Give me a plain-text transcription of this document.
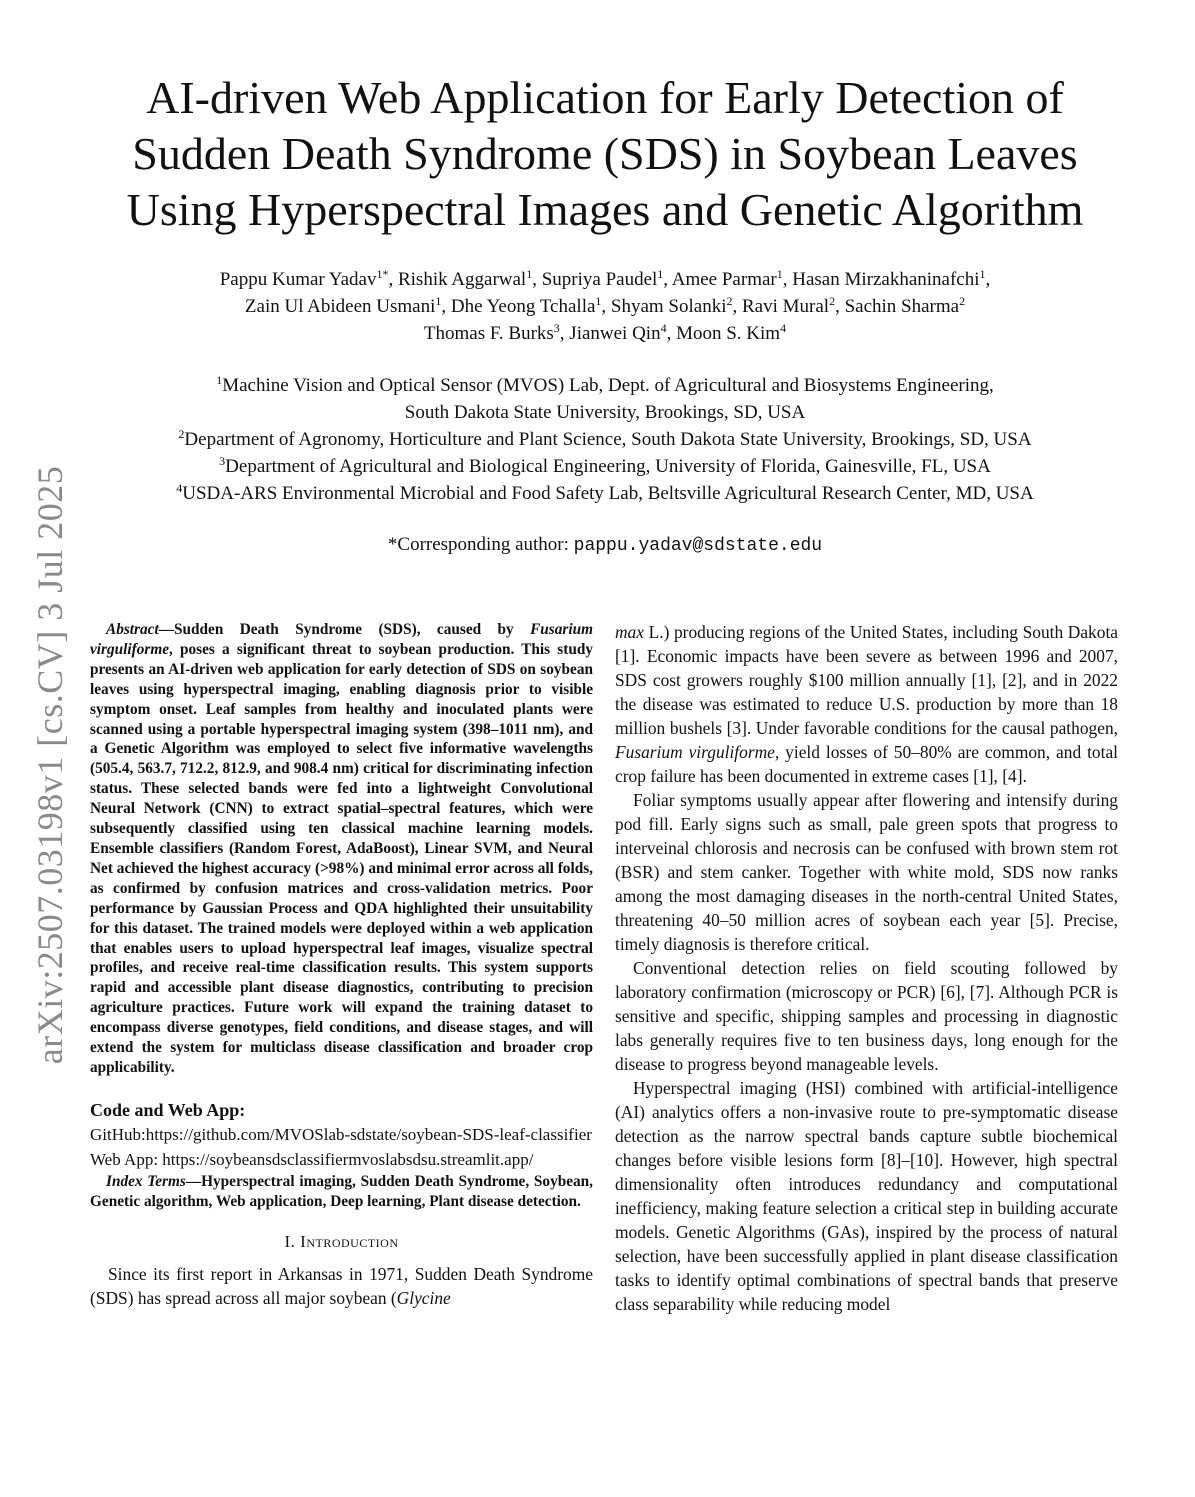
arXiv:2507.03198v1 [cs.CV] 3 Jul 2025
AI-driven Web Application for Early Detection of
Sudden Death Syndrome (SDS) in Soybean Leaves
Using Hyperspectral Images and Genetic Algorithm
Pappu Kumar Yadav$^{1*}$, Rishik Aggarwal$^1$, Supriya Paudel$^1$, Amee Parmar$^1$, Hasan Mirzakhaninafchi$^1$,
Zain Ul Abideen Usmani$^1$, Dhe Yeong Tchalla$^1$, Shyam Solanki$^2$, Ravi Mural$^2$, Sachin Sharma$^2$
Thomas F. Burks$^3$, Jianwei Qin$^4$, Moon S. Kim$^4$
$^1$Machine Vision and Optical Sensor (MVOS) Lab, Dept. of Agricultural and Biosystems Engineering,
South Dakota State University, Brookings, SD, USA
$^2$Department of Agronomy, Horticulture and Plant Science, South Dakota State University, Brookings, SD, USA
$^3$Department of Agricultural and Biological Engineering, University of Florida, Gainesville, FL, USA
$^4$USDA-ARS Environmental Microbial and Food Safety Lab, Beltsville Agricultural Research Center, MD, USA
*Corresponding author: pappu.yadav@sdstate.edu

Abstract—Sudden Death Syndrome (SDS), caused by Fusarium virguliforme, poses a significant threat to soybean production. This study presents an AI-driven web application for early detection of SDS on soybean leaves using hyperspectral imaging, enabling diagnosis prior to visible symptom onset. Leaf samples from healthy and inoculated plants were scanned using a portable hyperspectral imaging system (398–1011 nm), and a Genetic Algorithm was employed to select five informative wavelengths (505.4, 563.7, 712.2, 812.9, and 908.4 nm) critical for discriminating infection status. These selected bands were fed into a lightweight Convolutional Neural Network (CNN) to extract spatial–spectral features, which were subsequently classified using ten classical machine learning models. Ensemble classifiers (Random Forest, AdaBoost), Linear SVM, and Neural Net achieved the highest accuracy (>98%) and minimal error across all folds, as confirmed by confusion matrices and cross-validation metrics. Poor performance by Gaussian Process and QDA highlighted their unsuitability for this dataset. The trained models were deployed within a web application that enables users to upload hyperspectral leaf images, visualize spectral profiles, and receive real-time classification results. This system supports rapid and accessible plant disease diagnostics, contributing to precision agriculture practices. Future work will expand the training dataset to encompass diverse genotypes, field conditions, and disease stages, and will extend the system for multiclass disease classification and broader crop applicability.

Code and Web App:
GitHub:https://github.com/MVOSlab-sdstate/soybean-SDS-leaf-classifier
Web App: https://soybeansdsclassifiermvoslabsdsu.streamlit.app/

Index Terms—Hyperspectral imaging, Sudden Death Syndrome, Soybean, Genetic algorithm, Web application, Deep learning, Plant disease detection.

I. Introduction

Since its first report in Arkansas in 1971, Sudden Death Syndrome (SDS) has spread across all major soybean (Glycine

max L.) producing regions of the United States, including South Dakota [1]. Economic impacts have been severe as between 1996 and 2007, SDS cost growers roughly $100 million annually [1], [2], and in 2022 the disease was estimated to reduce U.S. production by more than 18 million bushels [3]. Under favorable conditions for the causal pathogen, Fusarium virguliforme, yield losses of 50–80% are common, and total crop failure has been documented in extreme cases [1], [4].

Foliar symptoms usually appear after flowering and intensify during pod fill. Early signs such as small, pale green spots that progress to interveinal chlorosis and necrosis can be confused with brown stem rot (BSR) and stem canker. Together with white mold, SDS now ranks among the most damaging diseases in the north-central United States, threatening 40–50 million acres of soybean each year [5]. Precise, timely diagnosis is therefore critical.

Conventional detection relies on field scouting followed by laboratory confirmation (microscopy or PCR) [6], [7]. Although PCR is sensitive and specific, shipping samples and processing in diagnostic labs generally requires five to ten business days, long enough for the disease to progress beyond manageable levels.

Hyperspectral imaging (HSI) combined with artificial-intelligence (AI) analytics offers a non-invasive route to pre-symptomatic disease detection as the narrow spectral bands capture subtle biochemical changes before visible lesions form [8]–[10]. However, high spectral dimensionality often introduces redundancy and computational inefficiency, making feature selection a critical step in building accurate models. Genetic Algorithms (GAs), inspired by the process of natural selection, have been successfully applied in plant disease classification tasks to identify optimal combinations of spectral bands that preserve class separability while reducing model
